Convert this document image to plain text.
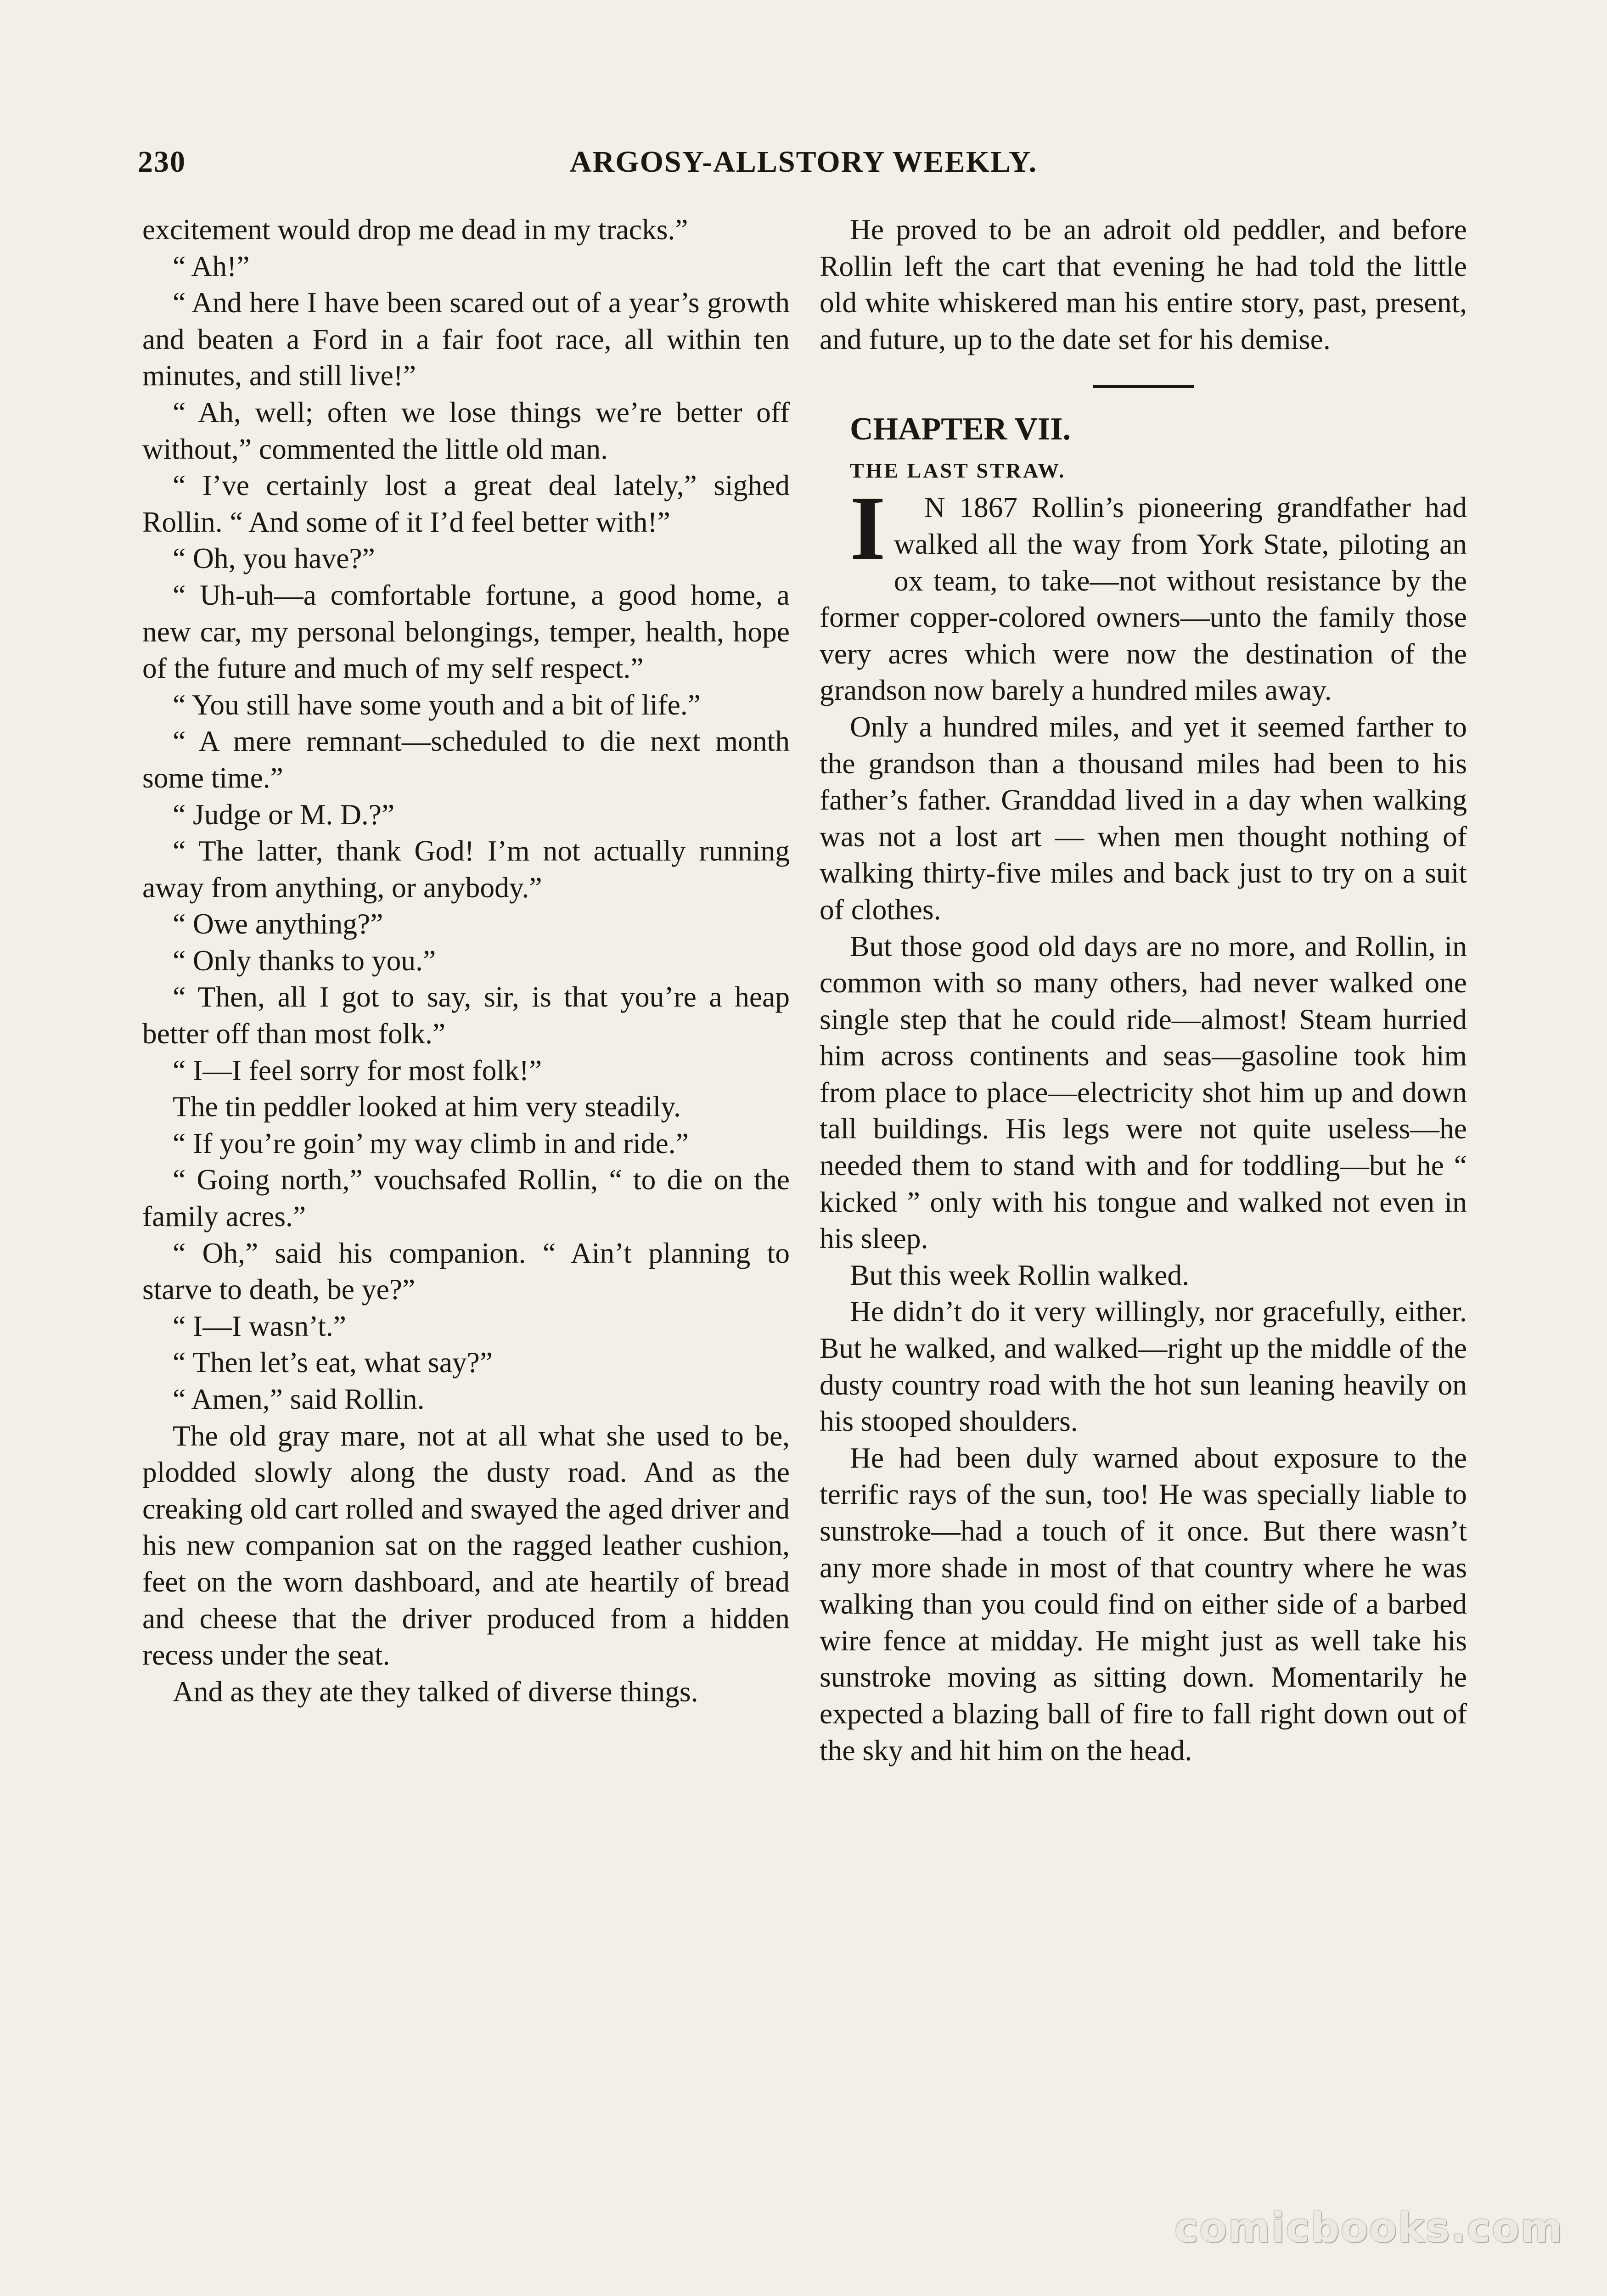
230	ARGOSY-ALLSTORY WEEKLY.

excitement would drop me dead in my tracks.”

“ Ah!”

“ And here I have been scared out of a year’s growth and beaten a Ford in a fair foot race, all within ten minutes, and still live!”

“ Ah, well; often we lose things we’re better off without,” commented the little old man.

“ I’ve certainly lost a great deal lately,” sighed Rollin. “ And some of it I’d feel better with!”

“ Oh, you have?”

“ Uh-uh—a comfortable fortune, a good home, a new car, my personal belongings, temper, health, hope of the future and much of my self respect.”

“ You still have some youth and a bit of life.”

“ A mere remnant—scheduled to die next month some time.”

“ Judge or M. D.?”

“ The latter, thank God! I’m not actually running away from anything, or anybody.”

“ Owe anything?”

“ Only thanks to you.”

“ Then, all I got to say, sir, is that you’re a heap better off than most folk.”

“ I—I feel sorry for most folk!”

The tin peddler looked at him very steadily.

“ If you’re goin’ my way climb in and ride.”

“ Going north,” vouchsafed Rollin, “ to die on the family acres.”

“ Oh,” said his companion. “ Ain’t planning to starve to death, be ye?”

“ I—I wasn’t.”

“ Then let’s eat, what say?”

“ Amen,” said Rollin.

The old gray mare, not at all what she used to be, plodded slowly along the dusty road. And as the creaking old cart rolled and swayed the aged driver and his new companion sat on the ragged leather cushion, feet on the worn dashboard, and ate heartily of bread and cheese that the driver produced from a hidden recess under the seat.

And as they ate they talked of diverse things.

He proved to be an adroit old peddler, and before Rollin left the cart that evening he had told the little old white whiskered man his entire story, past, present, and future, up to the date set for his demise.

CHAPTER VII.

THE LAST STRAW.

I N 1867 Rollin’s pioneering grandfather had walked all the way from York State, piloting an ox team, to take—not without resistance by the former copper-colored owners—unto the family those very acres which were now the destination of the grandson now barely a hundred miles away.

Only a hundred miles, and yet it seemed farther to the grandson than a thousand miles had been to his father’s father. Granddad lived in a day when walking was not a lost art — when men thought nothing of walking thirty-five miles and back just to try on a suit of clothes.

But those good old days are no more, and Rollin, in common with so many others, had never walked one single step that he could ride—almost! Steam hurried him across continents and seas—gasoline took him from place to place—electricity shot him up and down tall buildings. His legs were not quite useless—he needed them to stand with and for toddling—but he “ kicked ” only with his tongue and walked not even in his sleep.

But this week Rollin walked.

He didn’t do it very willingly, nor gracefully, either. But he walked, and walked—right up the middle of the dusty country road with the hot sun leaning heavily on his stooped shoulders.

He had been duly warned about exposure to the terrific rays of the sun, too! He was specially liable to sunstroke—had a touch of it once. But there wasn’t any more shade in most of that country where he was walking than you could find on either side of a barbed wire fence at midday. He might just as well take his sunstroke moving as sitting down. Momentarily he expected a blazing ball of fire to fall right down out of the sky and hit him on the head.

comicbooks.com
